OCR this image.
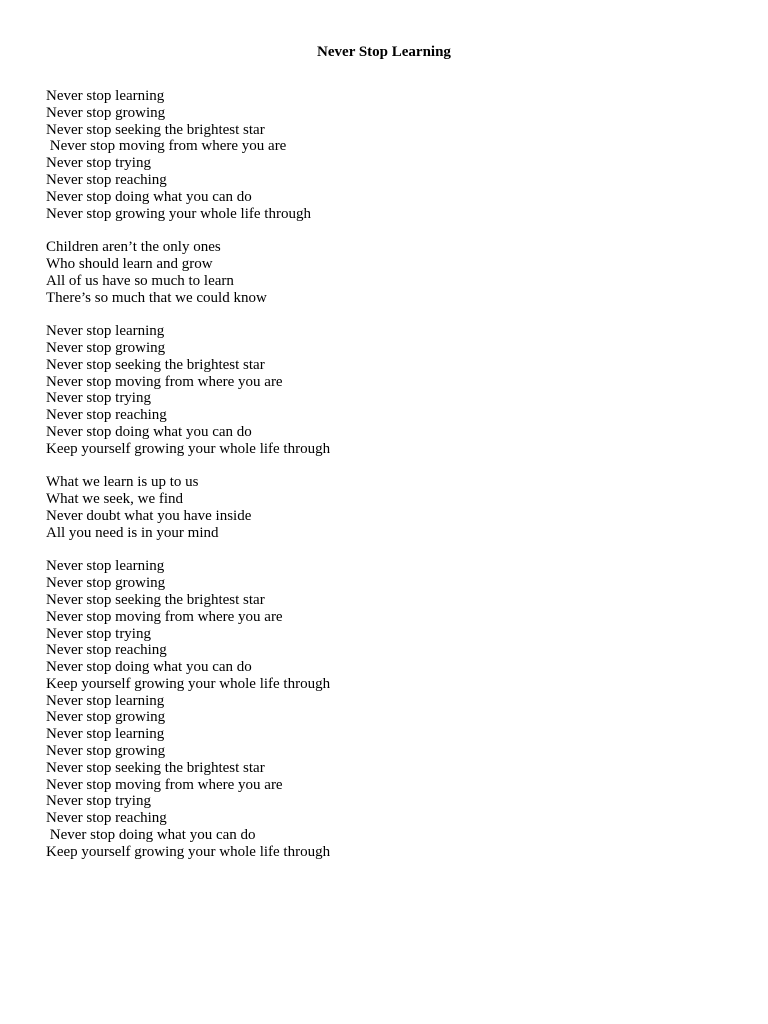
Never Stop Learning
Never stop learning
Never stop growing
Never stop seeking the brightest star
Never stop moving from where you are
Never stop trying
Never stop reaching
Never stop doing what you can do
Never stop growing your whole life through
Children aren’t the only ones
Who should learn and grow
All of us have so much to learn
There’s so much that we could know
Never stop learning
Never stop growing
Never stop seeking the brightest star
Never stop moving from where you are
Never stop trying
Never stop reaching
Never stop doing what you can do
Keep yourself growing your whole life through
What we learn is up to us
What we seek, we find
Never doubt what you have inside
All you need is in your mind
Never stop learning
Never stop growing
Never stop seeking the brightest star
Never stop moving from where you are
Never stop trying
Never stop reaching
Never stop doing what you can do
Keep yourself growing your whole life through
Never stop learning
Never stop growing
Never stop learning
Never stop growing
Never stop seeking the brightest star
Never stop moving from where you are
Never stop trying
Never stop reaching
Never stop doing what you can do
Keep yourself growing your whole life through
